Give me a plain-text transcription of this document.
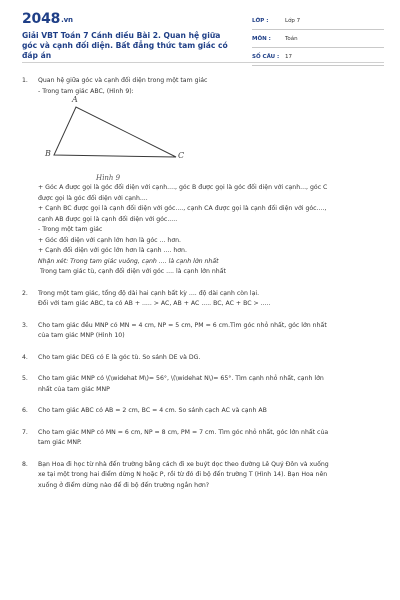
2048.vn
Giải VBT Toán 7 Cánh diều Bài 2. Quan hệ giữa góc và cạnh đối diện. Bất đẳng thức tam giác có đáp án
LỚP :	Lớp 7
MÔN :	Toán
SỐ CÂU : 17
1. Quan hệ giữa góc và cạnh đối diện trong một tam giác
- Trong tam giác ABC, (Hình 9):
A
B	C
Hình 9
+ Góc A được gọi là góc đối diện với cạnh...., góc B được gọi là góc đối diện với cạnh..., góc C
được gọi là góc đối diện với cạnh....
+ Cạnh BC được gọi là cạnh đối diện với góc...., cạnh CA được gọi là cạnh đối diện với góc....,
cạnh AB được gọi là cạnh đối diện với góc.....
- Trong một tam giác
+ Góc đối diện với cạnh lớn hơn là góc ... hơn.
+ Cạnh đối diện với góc lớn hơn là cạnh .... hơn.
Nhận xét: Trong tam giác vuông, cạnh .... là cạnh lớn nhất
Trong tam giác tù, cạnh đối diện với góc .... là cạnh lớn nhất
2. Trong một tam giác, tổng độ dài hai cạnh bất kỳ .... độ dài cạnh còn lại.
Đối với tam giác ABC, ta có AB + ..... > AC, AB + AC ..... BC, AC + BC > .....
3. Cho tam giác đều MNP có MN = 4 cm, NP = 5 cm, PM = 6 cm.Tìm góc nhỏ nhất, góc lớn nhất
của tam giác MNP (Hình 10)
4. Cho tam giác DEG có E là góc tù. So sánh DE và DG.
5. Cho tam giác MNP có \(\widehat M\)= 56°, \(\widehat N\)= 65°. Tìm cạnh nhỏ nhất, cạnh lớn
nhất của tam giác MNP
6. Cho tam giác ABC có AB = 2 cm, BC = 4 cm. So sánh cạch AC và cạnh AB
7. Cho tam giác MNP có MN = 6 cm, NP = 8 cm, PM = 7 cm. Tìm góc nhỏ nhất, góc lớn nhất của
tam giác MNP.
8. Bạn Hoa đi học từ nhà đến trường bằng cách đi xe buýt dọc theo đường Lê Quý Đôn và xuống
xe tại một trong hai điểm dừng N hoặc P, rồi từ đó đi bộ đến trường T (Hình 14). Bạn Hoa nên
xuống ở điểm dừng nào để đi bộ đến trường ngắn hơn?
